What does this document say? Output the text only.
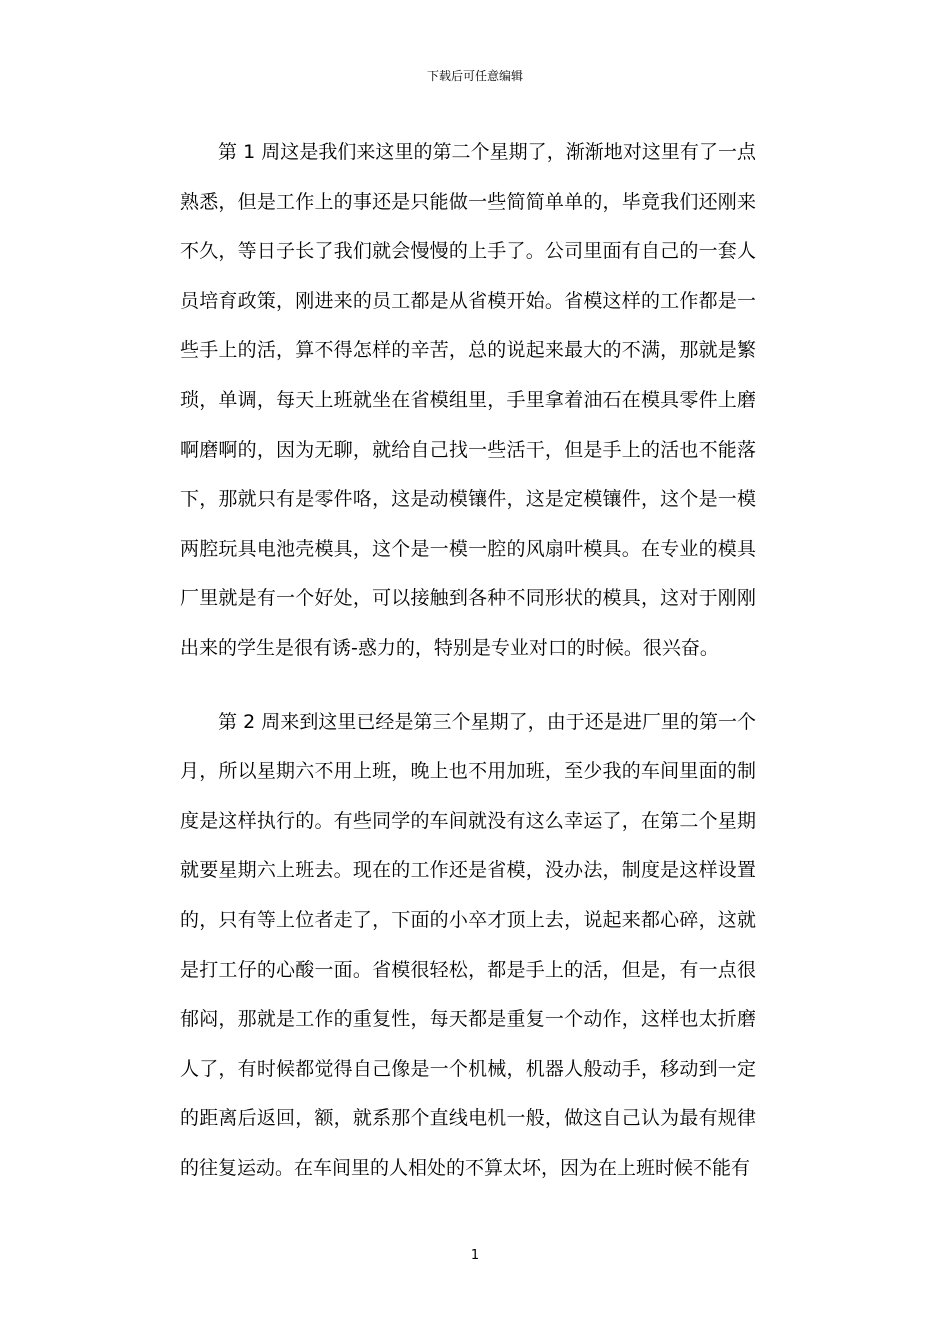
下载后可任意编辑

第 1 周这是我们来这里的第二个星期了，渐渐地对这里有了一点熟悉，但是工作上的事还是只能做一些简简单单的，毕竟我们还刚来不久，等日子长了我们就会慢慢的上手了。公司里面有自己的一套人员培育政策，刚进来的员工都是从省模开始。省模这样的工作都是一些手上的活，算不得怎样的辛苦，总的说起来最大的不满，那就是繁琐，单调，每天上班就坐在省模组里，手里拿着油石在模具零件上磨啊磨啊的，因为无聊，就给自己找一些活干，但是手上的活也不能落下，那就只有是零件咯，这是动模镶件，这是定模镶件，这个是一模两腔玩具电池壳模具，这个是一模一腔的风扇叶模具。在专业的模具厂里就是有一个好处，可以接触到各种不同形状的模具，这对于刚刚出来的学生是很有诱-惑力的，特别是专业对口的时候。很兴奋。

第 2 周来到这里已经是第三个星期了，由于还是进厂里的第一个月，所以星期六不用上班，晚上也不用加班，至少我的车间里面的制度是这样执行的。有些同学的车间就没有这么幸运了，在第二个星期就要星期六上班去。现在的工作还是省模，没办法，制度是这样设置的，只有等上位者走了，下面的小卒才顶上去，说起来都心碎，这就是打工仔的心酸一面。省模很轻松，都是手上的活，但是，有一点很郁闷，那就是工作的重复性，每天都是重复一个动作，这样也太折磨人了，有时候都觉得自己像是一个机械，机器人般动手，移动到一定的距离后返回，额，就系那个直线电机一般，做这自己认为最有规律的往复运动。在车间里的人相处的不算太坏，因为在上班时候不能有

1
